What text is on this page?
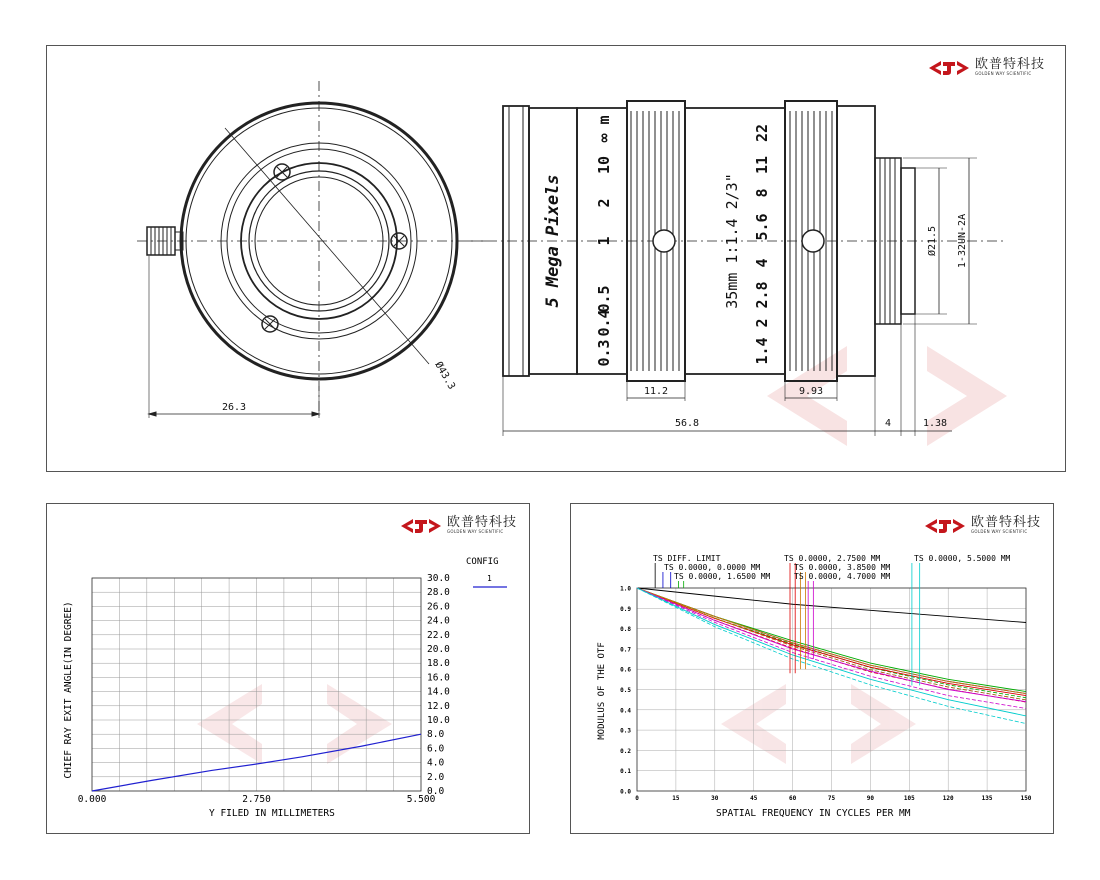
欧普特科技
GOLDEN WAY SCIENTIFIC
5 Mega Pixels
0.3
0.4
0.5
1
2
10
∞ m
35mm 1:1.4 2/3"
1.4
2
2.8
4
5.6
8
11
22
26.3
Ø43.3	11.2	9.93
56.8	4	1.38
Ø21.5 1-32UN-2A
欧普特科技
GOLDEN WAY SCIENTIFIC
0.0
2.0
4.0
6.0
8.0
10.0
12.0
14.0
16.0
18.0
20.0
22.0
24.0
26.0
28.0
30.0
0.000	2.750	5.500
Y FILED IN MILLIMETERS
CHIEF RAY EXIT ANGLE(IN DEGREE)
CONFIG
1
欧普特科技
GOLDEN WAY SCIENTIFIC
0.0
0.1
0.2
0.3
0.4
0.5
0.6
0.7
0.8
0.9
1.0
0	15	30	45	60	75	90	105	120	135	150
TS DIFF. LIMIT
TS 0.0000, 0.0000 MM
TS 0.0000, 1.6500 MM
TS 0.0000, 2.7500 MM
TS 0.0000, 3.8500 MM
TS 0.0000, 4.7000 MM
TS 0.0000, 5.5000 MM
SPATIAL FREQUENCY IN CYCLES PER MM
MODULUS OF THE OTF
